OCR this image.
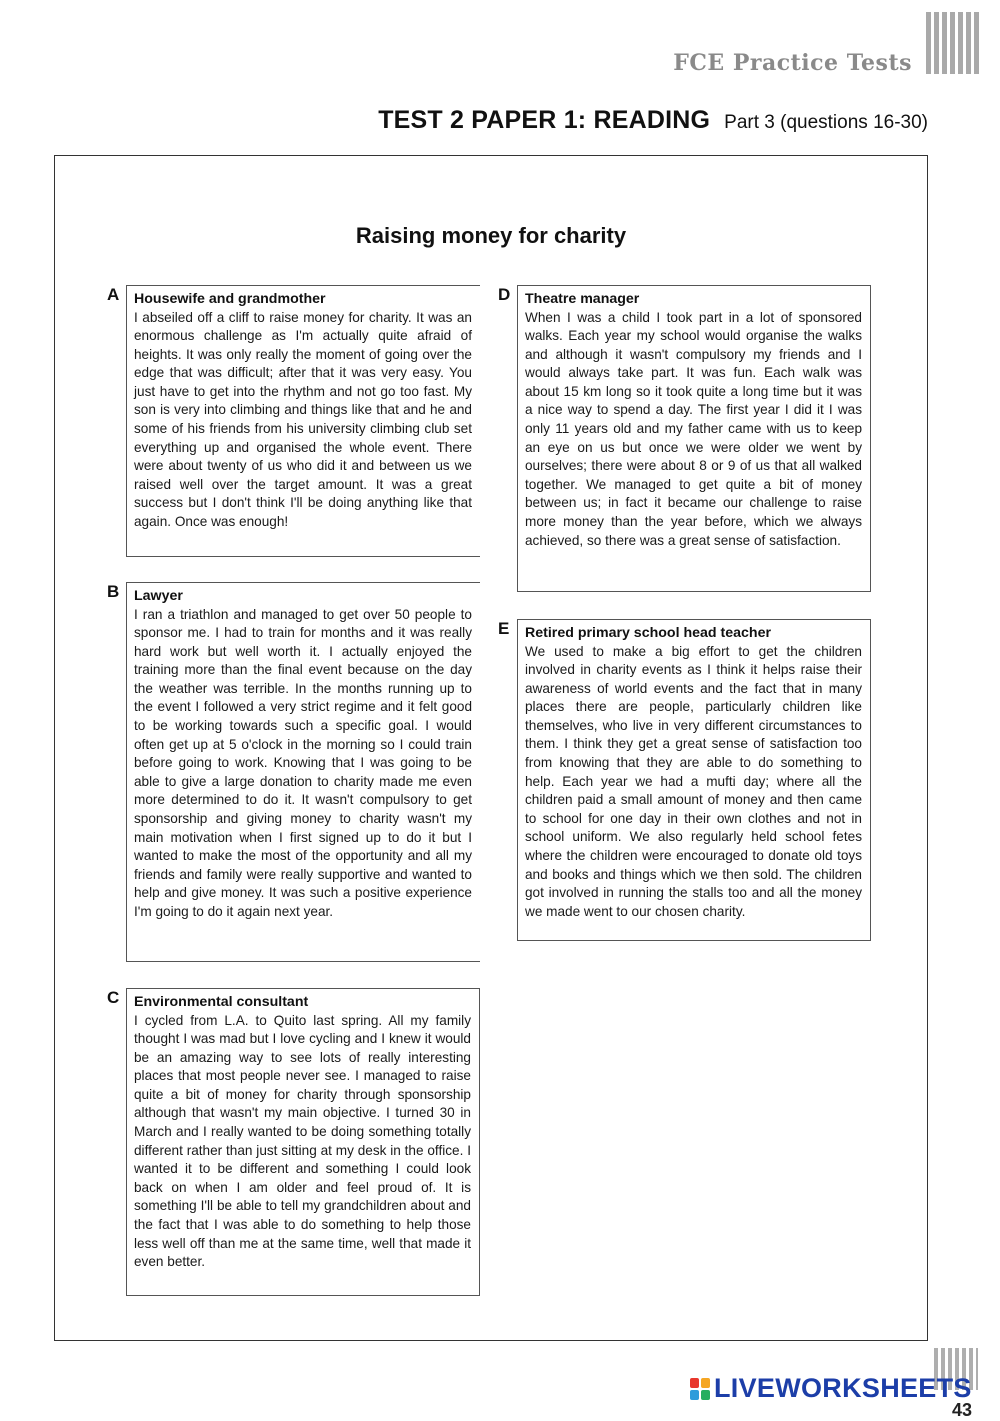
FCE Practice Tests
TEST 2 PAPER 1: READING Part 3 (questions 16-30)
Raising money for charity
A Housewife and grandmother
I abseiled off a cliff to raise money for charity. It was an enormous challenge as I'm actually quite afraid of heights. It was only really the moment of going over the edge that was difficult; after that it was very easy. You just have to get into the rhythm and not go too fast. My son is very into climbing and things like that and he and some of his friends from his university climbing club set everything up and organised the whole event. There were about twenty of us who did it and between us we raised well over the target amount. It was a great success but I don't think I'll be doing anything like that again. Once was enough!
B Lawyer
I ran a triathlon and managed to get over 50 people to sponsor me. I had to train for months and it was really hard work but well worth it. I actually enjoyed the training more than the final event because on the day the weather was terrible. In the months running up to the event I followed a very strict regime and it felt good to be working towards such a specific goal. I would often get up at 5 o'clock in the morning so I could train before going to work. Knowing that I was going to be able to give a large donation to charity made me even more determined to do it. It wasn't compulsory to get sponsorship and giving money to charity wasn't my main motivation when I first signed up to do it but I wanted to make the most of the opportunity and all my friends and family were really supportive and wanted to help and give money. It was such a positive experience I'm going to do it again next year.
C Environmental consultant
I cycled from L.A. to Quito last spring. All my family thought I was mad but I love cycling and I knew it would be an amazing way to see lots of really interesting places that most people never see. I managed to raise quite a bit of money for charity through sponsorship although that wasn't my main objective. I turned 30 in March and I really wanted to be doing something totally different rather than just sitting at my desk in the office. I wanted it to be different and something I could look back on when I am older and feel proud of. It is something I'll be able to tell my grandchildren about and the fact that I was able to do something to help those less well off than me at the same time, well that made it even better.
D Theatre manager
When I was a child I took part in a lot of sponsored walks. Each year my school would organise the walks and although it wasn't compulsory my friends and I would always take part. It was fun. Each walk was about 15 km long so it took quite a long time but it was a nice way to spend a day. The first year I did it I was only 11 years old and my father came with us to keep an eye on us but once we were older we went by ourselves; there were about 8 or 9 of us that all walked together. We managed to get quite a bit of money between us; in fact it became our challenge to raise more money than the year before, which we always achieved, so there was a great sense of satisfaction.
E Retired primary school head teacher
We used to make a big effort to get the children involved in charity events as I think it helps raise their awareness of world events and the fact that in many places there are people, particularly children like themselves, who live in very different circumstances to them. I think they get a great sense of satisfaction too from knowing that they are able to do something to help. Each year we had a mufti day; where all the children paid a small amount of money and then came to school for one day in their own clothes and not in school uniform. We also regularly held school fetes where the children were encouraged to donate old toys and books and things which we then sold. The children got involved in running the stalls too and all the money we made went to our chosen charity.
LIVEWORKSHEETS
43
